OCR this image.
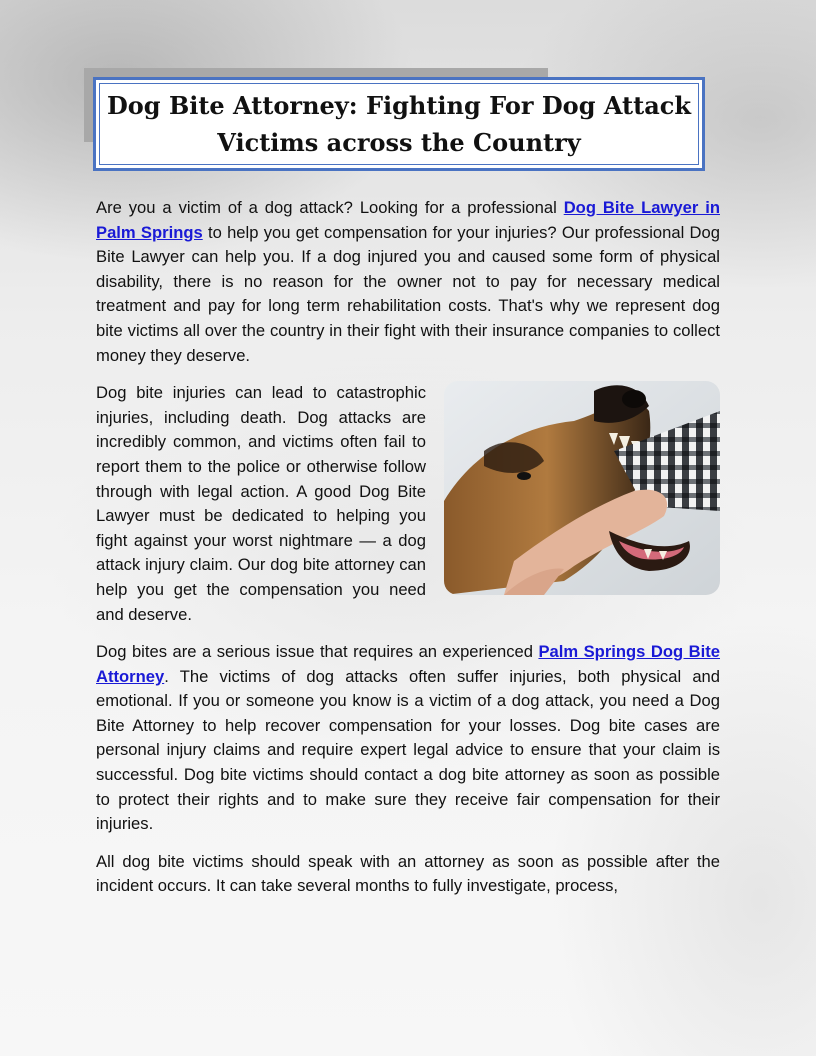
Dog Bite Attorney: Fighting For Dog Attack
Victims across the Country

Are you a victim of a dog attack? Looking for a professional Dog Bite Lawyer in Palm Springs to help you get compensation for your injuries? Our professional Dog Bite Lawyer can help you. If a dog injured you and caused some form of physical disability, there is no reason for the owner not to pay for necessary medical treatment and pay for long term rehabilitation costs. That's why we represent dog bite victims all over the country in their fight with their insurance companies to collect money they deserve.

Dog bite injuries can lead to catastrophic injuries, including death. Dog attacks are incredibly common, and victims often fail to report them to the police or otherwise follow through with legal action. A good Dog Bite Lawyer must be dedicated to helping you fight against your worst nightmare — a dog attack injury claim. Our dog bite attorney can help you get the compensation you need and deserve.

Dog bites are a serious issue that requires an experienced Palm Springs Dog Bite Attorney. The victims of dog attacks often suffer injuries, both physical and emotional. If you or someone you know is a victim of a dog attack, you need a Dog Bite Attorney to help recover compensation for your losses. Dog bite cases are personal injury claims and require expert legal advice to ensure that your claim is successful. Dog bite victims should contact a dog bite attorney as soon as possible to protect their rights and to make sure they receive fair compensation for their injuries.

All dog bite victims should speak with an attorney as soon as possible after the incident occurs. It can take several months to fully investigate, process,
